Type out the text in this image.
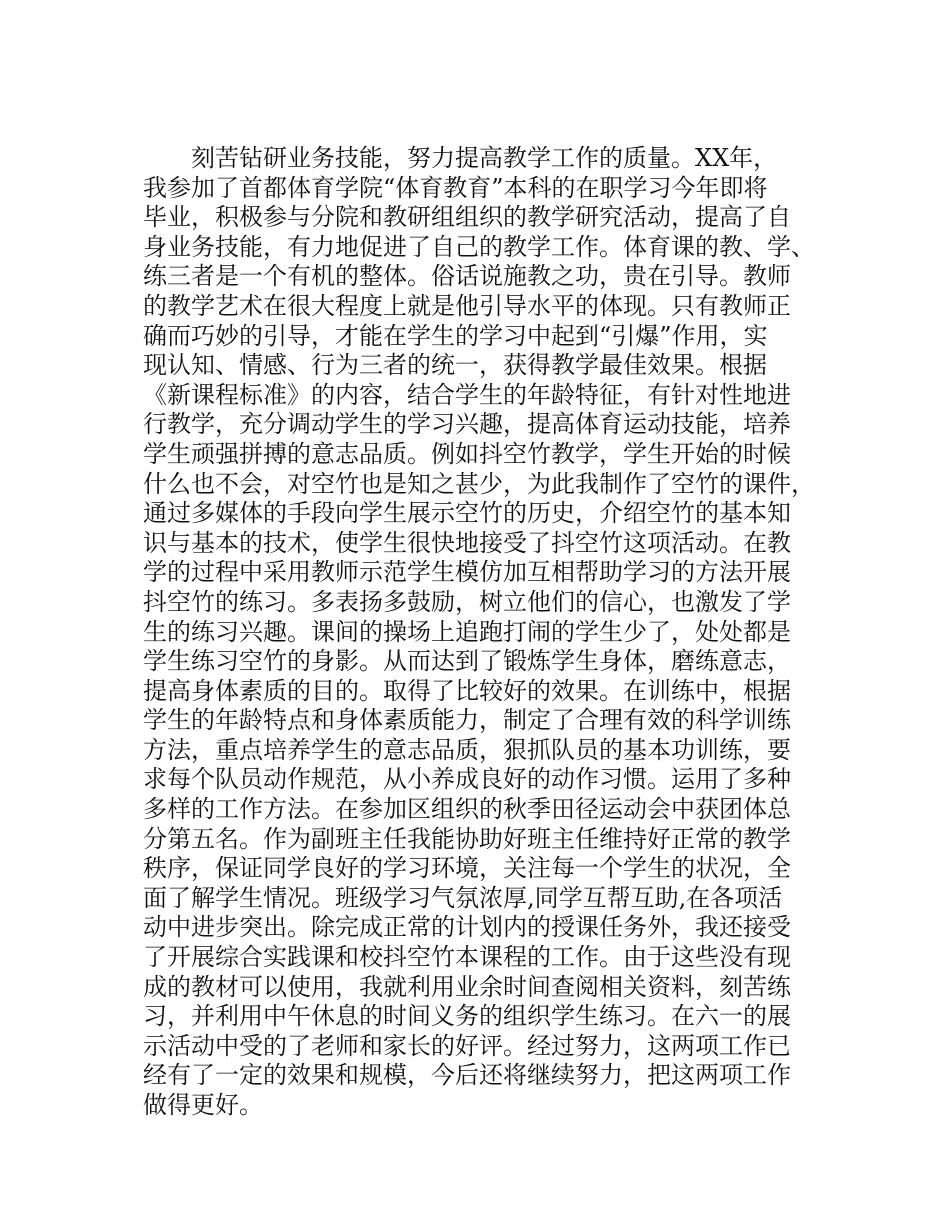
刻苦钻研业务技能，努力提高教学工作的质量。XX年，
我参加了首都体育学院“体育教育”本科的在职学习今年即将
毕业，积极参与分院和教研组组织的教学研究活动，提高了自
身业务技能，有力地促进了自己的教学工作。体育课的教、学、
练三者是一个有机的整体。俗话说施教之功，贵在引导。教师
的教学艺术在很大程度上就是他引导水平的体现。只有教师正
确而巧妙的引导，才能在学生的学习中起到“引爆”作用，实
现认知、情感、行为三者的统一，获得教学最佳效果。根据
《新课程标准》的内容，结合学生的年龄特征，有针对性地进
行教学，充分调动学生的学习兴趣，提高体育运动技能，培养
学生顽强拼搏的意志品质。例如抖空竹教学，学生开始的时候
什么也不会，对空竹也是知之甚少，为此我制作了空竹的课件，
通过多媒体的手段向学生展示空竹的历史，介绍空竹的基本知
识与基本的技术，使学生很快地接受了抖空竹这项活动。在教
学的过程中采用教师示范学生模仿加互相帮助学习的方法开展
抖空竹的练习。多表扬多鼓励，树立他们的信心，也激发了学
生的练习兴趣。课间的操场上追跑打闹的学生少了，处处都是
学生练习空竹的身影。从而达到了锻炼学生身体，磨练意志，
提高身体素质的目的。取得了比较好的效果。在训练中，根据
学生的年龄特点和身体素质能力，制定了合理有效的科学训练
方法，重点培养学生的意志品质，狠抓队员的基本功训练，要
求每个队员动作规范，从小养成良好的动作习惯。运用了多种
多样的工作方法。在参加区组织的秋季田径运动会中获团体总
分第五名。作为副班主任我能协助好班主任维持好正常的教学
秩序，保证同学良好的学习环境，关注每一个学生的状况，全
面了解学生情况。班级学习气氛浓厚,同学互帮互助,在各项活
动中进步突出。除完成正常的计划内的授课任务外，我还接受
了开展综合实践课和校抖空竹本课程的工作。由于这些没有现
成的教材可以使用，我就利用业余时间查阅相关资料，刻苦练
习，并利用中午休息的时间义务的组织学生练习。在六一的展
示活动中受的了老师和家长的好评。经过努力，这两项工作已
经有了一定的效果和规模，今后还将继续努力，把这两项工作
做得更好。
